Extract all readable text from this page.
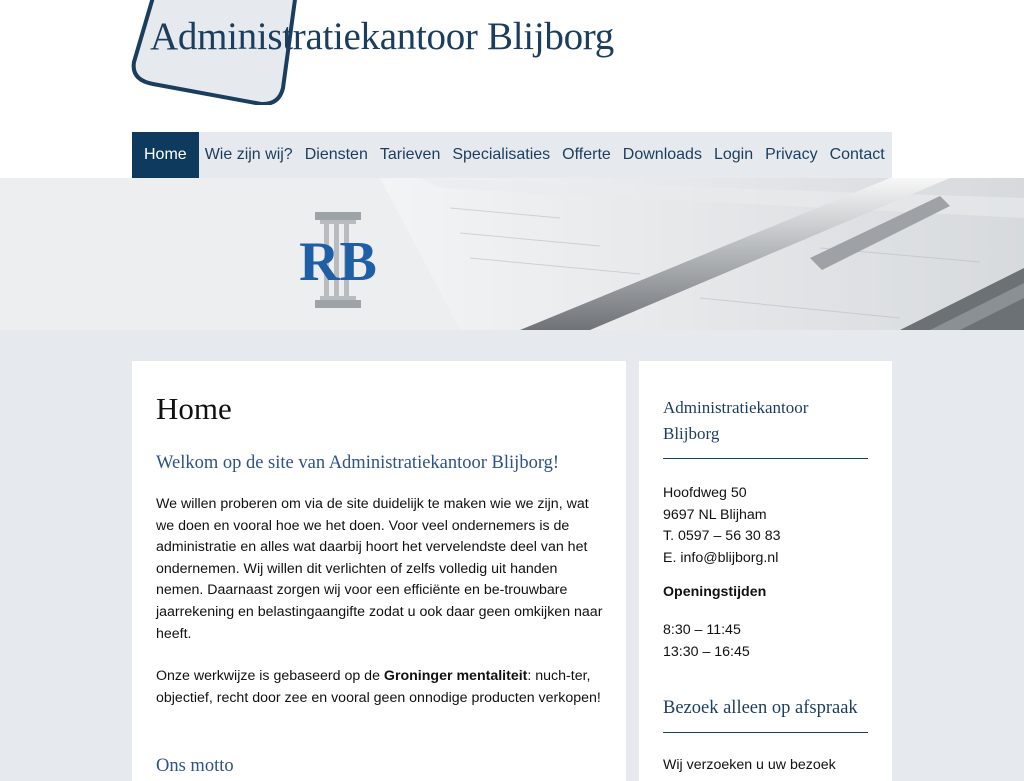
Administratiekantoor Blijborg
Home	Wie zijn wij? Diensten Tarieven Specialisaties Offerte Downloads Login Privacy Contact
RB
Home
Welkom op de site van Administratiekantoor Blijborg!

We willen proberen om via de site duidelijk te maken wie we zijn, wat we doen en vooral hoe we het doen. Voor veel ondernemers is de administratie en alles wat daarbij hoort het vervelendste deel van het ondernemen. Wij willen dit verlichten of zelfs volledig uit handen nemen. Daarnaast zorgen wij voor een efficiënte en be-trouwbare jaarrekening en belastingaangifte zodat u ook daar geen omkijken naar heeft.

Onze werkwijze is gebaseerd op de Groninger mentaliteit: nuch-ter, objectief, recht door zee en vooral geen onnodige producten verkopen!

Ons motto
Administratiekantoor Blijborg
Hoofdweg 50
9697 NL Blijham
T. 0597 – 56 30 83
E. info@blijborg.nl
Openingstijden
8:30 – 11:45
13:30 – 16:45
Bezoek alleen op afspraak
Wij verzoeken u uw bezoek
